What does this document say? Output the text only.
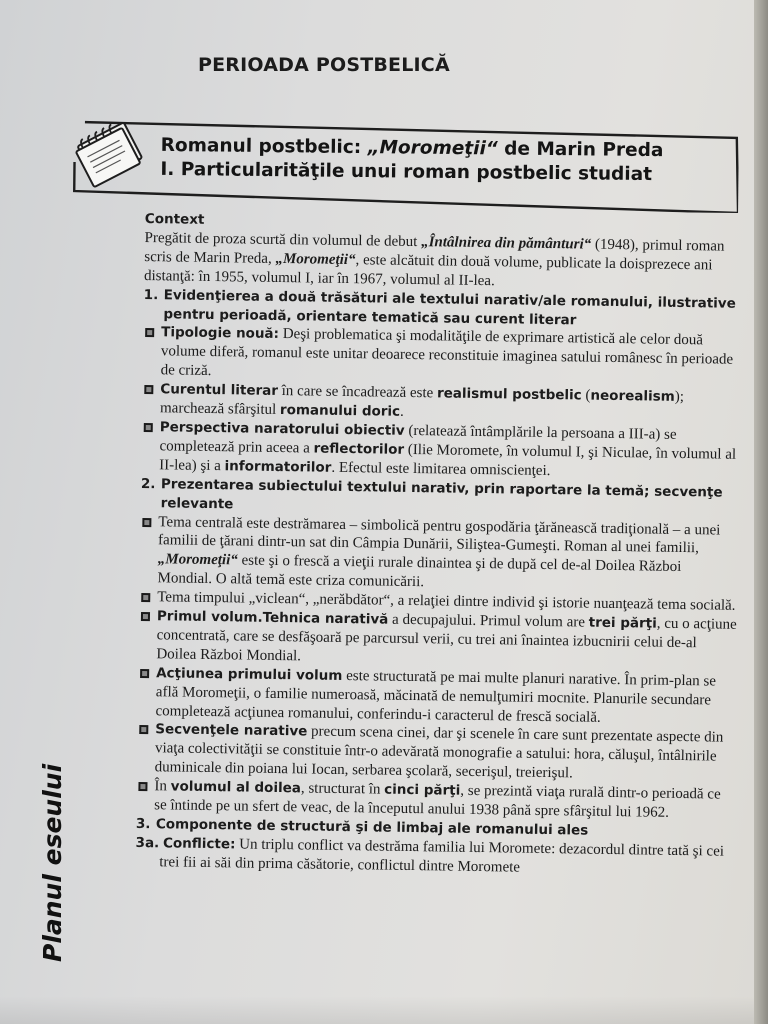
PERIOADA POSTBELICĂ
Romanul postbelic: „Moromeţii“ de Marin Preda
I. Particularităţile unui roman postbelic studiat

Context

Pregătit de proza scurtă din volumul de debut „Întâlnirea din pământuri“ (1948), primul roman scris de Marin Preda, „Moromeţii“, este alcătuit din două volume, publicate la doisprezece ani distanţă: în 1955, volumul I, iar în 1967, volumul al II-lea.

1. Evidenţierea a două trăsături ale textului narativ/ale romanului, ilustrative pentru perioadă, orientare tematică sau curent literar

Tipologie nouă: Deşi problematica şi modalităţile de exprimare artistică ale celor două volume diferă, romanul este unitar deoarece reconstituie imaginea satului românesc în perioade de criză.

Curentul literar în care se încadrează este realismul postbelic (neorealism); marchează sfârşitul romanului doric.

Perspectiva naratorului obiectiv (relatează întâmplările la persoana a III-a) se completează prin aceea a reflectorilor (Ilie Moromete, în volumul I, şi Niculae, în volumul al II-lea) şi a informatorilor. Efectul este limitarea omniscienţei.

2. Prezentarea subiectului textului narativ, prin raportare la temă; secvenţe relevante

Tema centrală este destrămarea – simbolică pentru gospodăria ţărănească tradiţională – a unei familii de ţărani dintr-un sat din Câmpia Dunării, Siliştea-Gumeşti. Roman al unei familii, „Moromeţii“ este şi o frescă a vieţii rurale dinaintea şi de după cel de-al Doilea Război Mondial. O altă temă este criza comunicării.

Tema timpului „viclean“, „nerăbdător“, a relaţiei dintre individ şi istorie nuanţează tema socială.

Primul volum.Tehnica narativă a decupajului. Primul volum are trei părţi, cu o acţiune concentrată, care se desfăşoară pe parcursul verii, cu trei ani înaintea izbucnirii celui de-al Doilea Război Mondial.

Acţiunea primului volum este structurată pe mai multe planuri narative. În prim-plan se află Moromeţii, o familie numeroasă, măcinată de nemulţumiri mocnite. Planurile secundare completează acţiunea romanului, conferindu-i caracterul de frescă socială.

Secvenţele narative precum scena cinei, dar şi scenele în care sunt prezentate aspecte din viaţa colectivităţii se constituie într-o adevărată monografie a satului: hora, căluşul, întâlnirile duminicale din poiana lui Iocan, serbarea şcolară, secerişul, treierişul.

În volumul al doilea, structurat în cinci părţi, se prezintă viaţa rurală dintr-o perioadă ce se întinde pe un sfert de veac, de la începutul anului 1938 până spre sfârşitul lui 1962.

3. Componente de structură şi de limbaj ale romanului ales

3a. Conflicte: Un triplu conflict va destrăma familia lui Moromete: dezacordul dintre tată şi cei trei fii ai săi din prima căsătorie, conflictul dintre Moromete

Planul eseului
